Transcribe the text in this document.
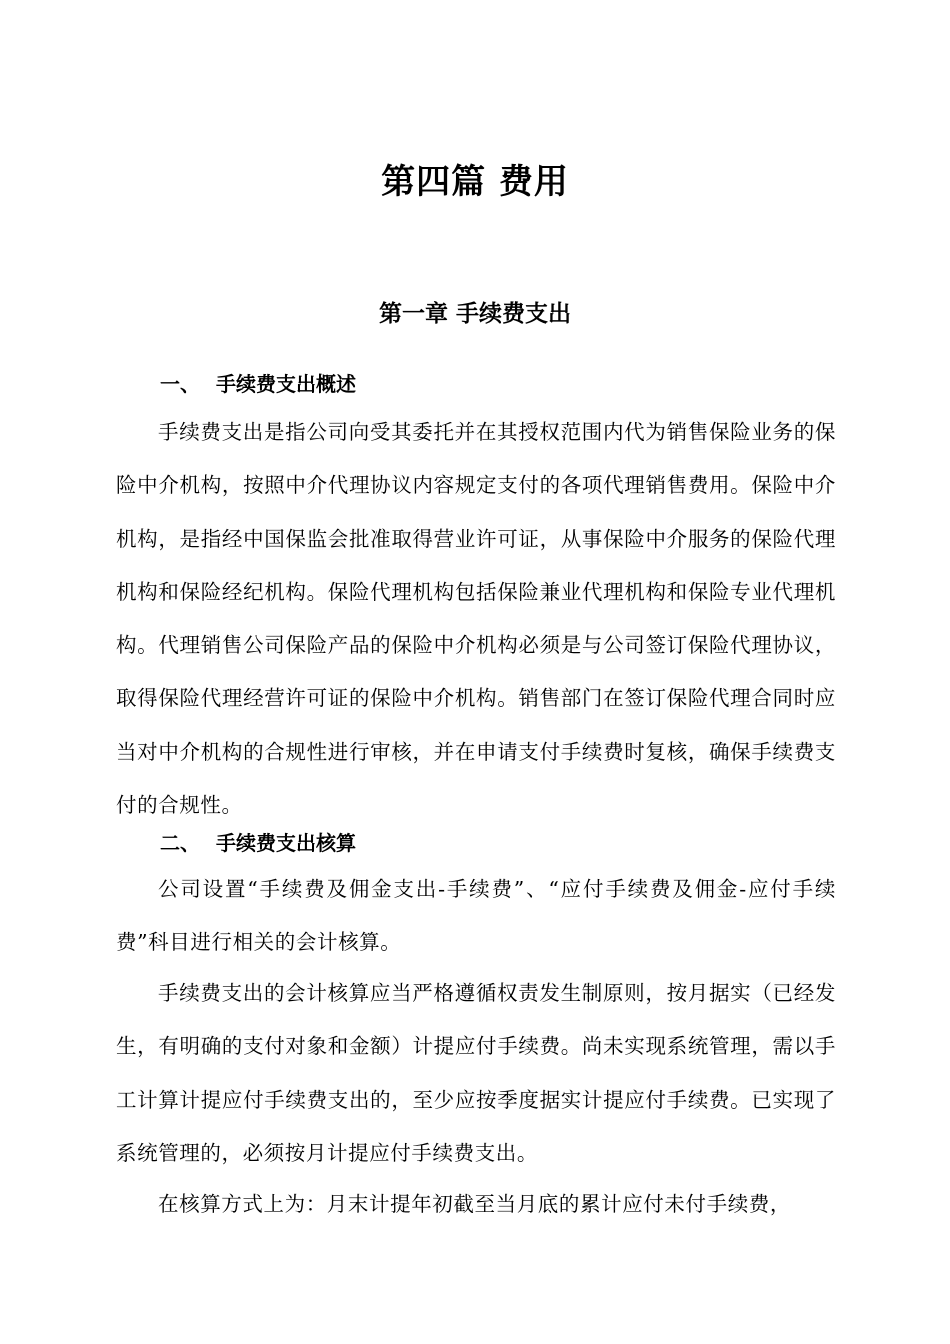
第四篇 费用
第一章 手续费支出
一、 手续费支出概述

手续费支出是指公司向受其委托并在其授权范围内代为销售保险业务的保险中介机构，按照中介代理协议内容规定支付的各项代理销售费用。保险中介机构，是指经中国保监会批准取得营业许可证，从事保险中介服务的保险代理机构和保险经纪机构。保险代理机构包括保险兼业代理机构和保险专业代理机构。代理销售公司保险产品的保险中介机构必须是与公司签订保险代理协议，取得保险代理经营许可证的保险中介机构。销售部门在签订保险代理合同时应当对中介机构的合规性进行审核，并在申请支付手续费时复核，确保手续费支付的合规性。

二、 手续费支出核算

公司设置“手续费及佣金支出-手续费”、“应付手续费及佣金-应付手续费”科目进行相关的会计核算。

手续费支出的会计核算应当严格遵循权责发生制原则，按月据实（已经发生，有明确的支付对象和金额）计提应付手续费。尚未实现系统管理，需以手工计算计提应付手续费支出的，至少应按季度据实计提应付手续费。已实现了系统管理的，必须按月计提应付手续费支出。

在核算方式上为：月末计提年初截至当月底的累计应付未付手续费，
